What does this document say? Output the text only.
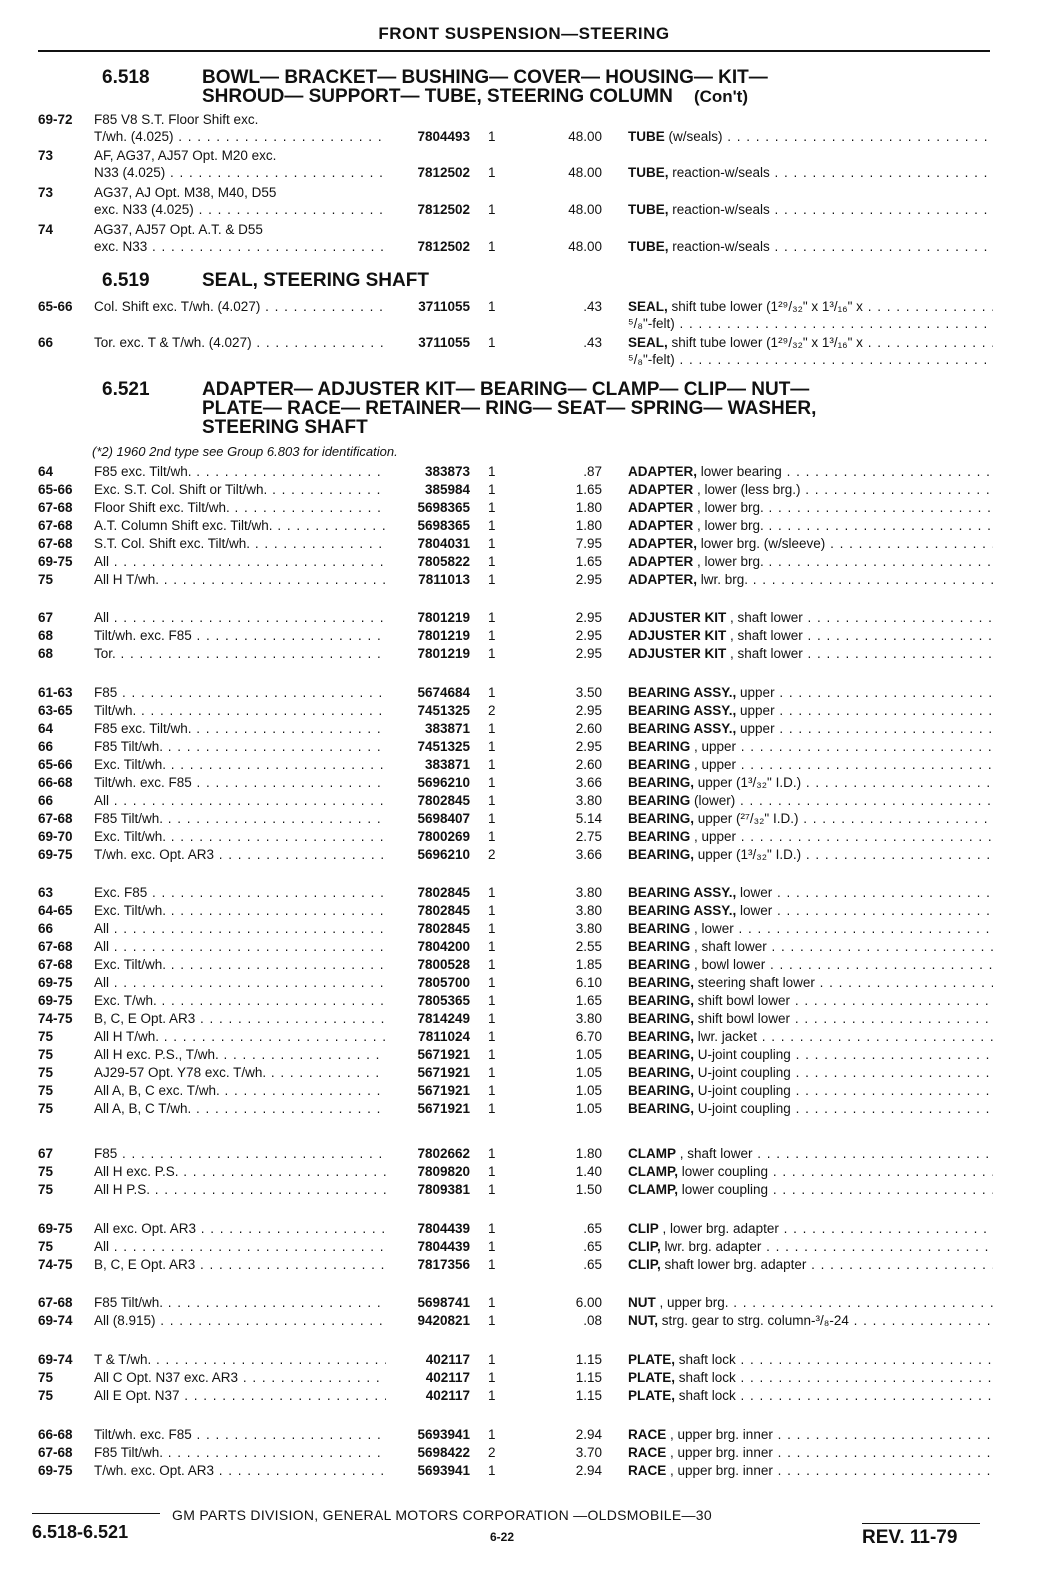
FRONT SUSPENSION—STEERING
6.518	BOWL— BRACKET— BUSHING— COVER— HOUSING— KIT—
SHROUD— SUPPORT— TUBE, STEERING COLUMN (Con't)
6.519	SEAL, STEERING SHAFT
6.521	ADAPTER— ADJUSTER KIT— BEARING— CLAMP— CLIP— NUT—
PLATE— RACE— RETAINER— RING— SEAT— SPRING— WASHER,
STEERING SHAFT
(*2) 1960 2nd type see Group 6.803 for identification.
69-72	F85 V8 S.T. Floor Shift exc.
T/wh. (4.025) . . .	7804493 1	48.00 TUBE (w/seals) . . .
73	AF, AG37, AJ57 Opt. M20 exc.
N33 (4.025) . . .	7812502 1	48.00 TUBE, reaction-w/seals . . .
73	AG37, AJ Opt. M38, M40, D55
exc. N33 (4.025) . . .	7812502 1	48.00 TUBE, reaction-w/seals . . .
74	AG37, AJ57 Opt. A.T. & D55
exc. N33 . . .	7812502 1	48.00 TUBE, reaction-w/seals . . .
65-66	Col. Shift exc. T/wh. (4.027) . . .	3711055 1	.43 SEAL, shift tube lower (1²⁹/₃₂" x 1³/₁₆" x . . .
⁵/₈"-felt) . . .
66	Tor. exc. T & T/wh. (4.027) . . .	3711055 1	.43 SEAL, shift tube lower (1²⁹/₃₂" x 1³/₁₆" x . . .
⁵/₈"-felt) . . .
64	F85 exc. Tilt/wh. . . .	383873 1	.87 ADAPTER, lower bearing . . .
65-66	Exc. S.T. Col. Shift or Tilt/wh. . . .	385984 1	1.65 ADAPTER , lower (less brg.) . . .
67-68	Floor Shift exc. Tilt/wh. . . .	5698365 1	1.80 ADAPTER , lower brg. . . .
67-68	A.T. Column Shift exc. Tilt/wh. . . .	5698365 1	1.80 ADAPTER , lower brg. . . .
67-68	S.T. Col. Shift exc. Tilt/wh. . . .	7804031 1	7.95 ADAPTER, lower brg. (w/sleeve) . . .
69-75	All . . .	7805822 1	1.65 ADAPTER , lower brg. . . .
75	All H T/wh. . . .	7811013 1	2.95 ADAPTER, lwr. brg. . . .
67	All . . .	7801219 1	2.95 ADJUSTER KIT , shaft lower . . .
68	Tilt/wh. exc. F85 . . .	7801219 1	2.95 ADJUSTER KIT , shaft lower . . .
68	Tor. . . .	7801219 1	2.95 ADJUSTER KIT , shaft lower . . .
61-63	F85 . . .	5674684 1	3.50 BEARING ASSY., upper . . .
63-65	Tilt/wh. . . .	7451325 2	2.95 BEARING ASSY., upper . . .
64	F85 exc. Tilt/wh. . . .	383871 1	2.60 BEARING ASSY., upper . . .
66	F85 Tilt/wh. . . .	7451325 1	2.95 BEARING , upper . . .
65-66	Exc. Tilt/wh. . . .	383871 1	2.60 BEARING , upper . . .
66-68	Tilt/wh. exc. F85 . . .	5696210 1	3.66 BEARING, upper (1³/₃₂" I.D.) . . .
66	All . . .	7802845 1	3.80 BEARING (lower) . . .
67-68	F85 Tilt/wh. . . .	5698407 1	5.14 BEARING, upper (²⁷/₃₂" I.D.) . . .
69-70	Exc. Tilt/wh. . . .	7800269 1	2.75 BEARING , upper . . .
69-75	T/wh. exc. Opt. AR3 . . .	5696210 2	3.66 BEARING, upper (1³/₃₂" I.D.) . . .
63	Exc. F85 . . .	7802845 1	3.80 BEARING ASSY., lower . . .
64-65	Exc. Tilt/wh. . . .	7802845 1	3.80 BEARING ASSY., lower . . .
66	All . . .	7802845 1	3.80 BEARING , lower . . .
67-68	All . . .	7804200 1	2.55 BEARING , shaft lower . . .
67-68	Exc. Tilt/wh. . . .	7800528 1	1.85 BEARING , bowl lower . . .
69-75	All . . .	7805700 1	6.10 BEARING, steering shaft lower . . .
69-75	Exc. T/wh. . . .	7805365 1	1.65 BEARING, shift bowl lower . . .
74-75	B, C, E Opt. AR3 . . .	7814249 1	3.80 BEARING, shift bowl lower . . .
75	All H T/wh. . . .	7811024 1	6.70 BEARING, lwr. jacket . . .
75	All H exc. P.S., T/wh. . . .	5671921 1	1.05 BEARING, U-joint coupling . . .
75	AJ29-57 Opt. Y78 exc. T/wh. . . .	5671921 1	1.05 BEARING, U-joint coupling . . .
75	All A, B, C exc. T/wh. . . .	5671921 1	1.05 BEARING, U-joint coupling . . .
75	All A, B, C T/wh. . . .	5671921 1	1.05 BEARING, U-joint coupling . . .
67	F85 . . .	7802662 1	1.80 CLAMP , shaft lower . . .
75	All H exc. P.S. . . .	7809820 1	1.40 CLAMP, lower coupling . . .
75	All H P.S. . . .	7809381 1	1.50 CLAMP, lower coupling . . .
69-75	All exc. Opt. AR3 . . .	7804439 1	.65 CLIP , lower brg. adapter . . .
75	All . . .	7804439 1	.65 CLIP, lwr. brg. adapter . . .
74-75	B, C, E Opt. AR3 . . .	7817356 1	.65 CLIP, shaft lower brg. adapter . . .
67-68	F85 Tilt/wh. . . .	5698741 1	6.00 NUT , upper brg. . . .
69-74	All (8.915) . . .	9420821 1	.08 NUT, strg. gear to strg. column-³/₈-24 . . .
69-74	T & T/wh. . . .	402117 1	1.15 PLATE, shaft lock . . .
75	All C Opt. N37 exc. AR3 . . .	402117 1	1.15 PLATE, shaft lock . . .
75	All E Opt. N37 . . .	402117 1	1.15 PLATE, shaft lock . . .
66-68	Tilt/wh. exc. F85 . . .	5693941 1	2.94 RACE , upper brg. inner . . .
67-68	F85 Tilt/wh. . . .	5698422 2	3.70 RACE , upper brg. inner . . .
69-75	T/wh. exc. Opt. AR3 . . .	5693941 1	2.94 RACE , upper brg. inner . . .
GM PARTS DIVISION, GENERAL MOTORS CORPORATION —OLDSMOBILE—30
6-22
6.518-6.521	REV. 11-79
